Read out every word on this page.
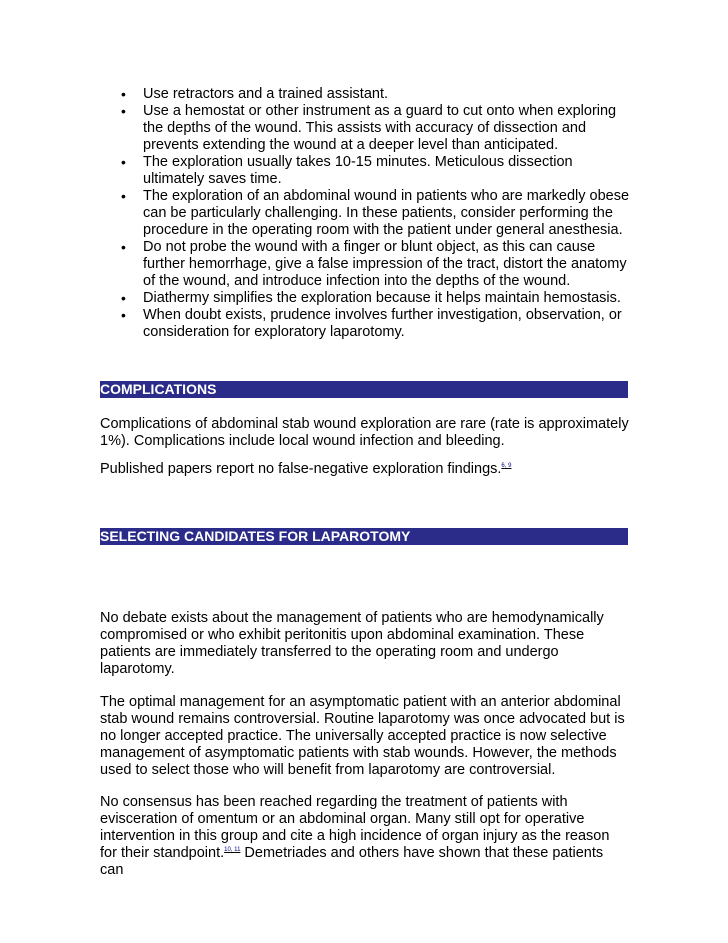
• Use retractors and a trained assistant.
• Use a hemostat or other instrument as a guard to cut onto when exploring the depths of the wound. This assists with accuracy of dissection and prevents extending the wound at a deeper level than anticipated.
• The exploration usually takes 10-15 minutes. Meticulous dissection ultimately saves time.
• The exploration of an abdominal wound in patients who are markedly obese can be particularly challenging. In these patients, consider performing the procedure in the operating room with the patient under general anesthesia.
• Do not probe the wound with a finger or blunt object, as this can cause further hemorrhage, give a false impression of the tract, distort the anatomy of the wound, and introduce infection into the depths of the wound.
• Diathermy simplifies the exploration because it helps maintain hemostasis.
• When doubt exists, prudence involves further investigation, observation, or consideration for exploratory laparotomy.
COMPLICATIONS

Complications of abdominal stab wound exploration are rare (rate is approximately 1%). Complications include local wound infection and bleeding.

Published papers report no false-negative exploration findings.$^{6, 9}$

SELECTING CANDIDATES FOR LAPAROTOMY

No debate exists about the management of patients who are hemodynamically compromised or who exhibit peritonitis upon abdominal examination. These patients are immediately transferred to the operating room and undergo laparotomy.

The optimal management for an asymptomatic patient with an anterior abdominal stab wound remains controversial. Routine laparotomy was once advocated but is no longer accepted practice. The universally accepted practice is now selective management of asymptomatic patients with stab wounds. However, the methods used to select those who will benefit from laparotomy are controversial.

No consensus has been reached regarding the treatment of patients with evisceration of omentum or an abdominal organ. Many still opt for operative intervention in this group and cite a high incidence of organ injury as the reason for their standpoint.$^{10, 11}$ Demetriades and others have shown that these patients can
